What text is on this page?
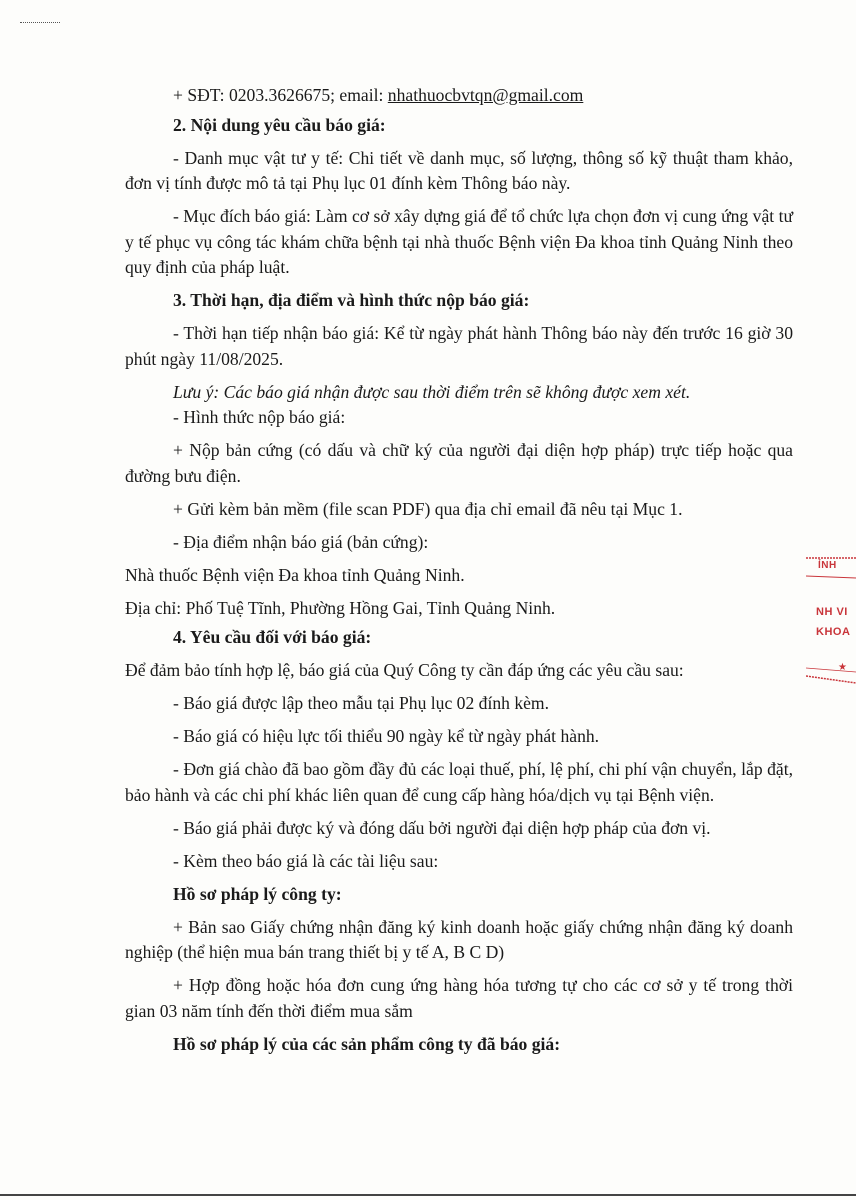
+ SĐT: 0203.3626675; email: nhathuocbvtqn@gmail.com

2. Nội dung yêu cầu báo giá:

- Danh mục vật tư y tế: Chi tiết về danh mục, số lượng, thông số kỹ thuật tham khảo, đơn vị tính được mô tả tại Phụ lục 01 đính kèm Thông báo này.

- Mục đích báo giá: Làm cơ sở xây dựng giá để tổ chức lựa chọn đơn vị cung ứng vật tư y tế phục vụ công tác khám chữa bệnh tại nhà thuốc Bệnh viện Đa khoa tỉnh Quảng Ninh theo quy định của pháp luật.

3. Thời hạn, địa điểm và hình thức nộp báo giá:

- Thời hạn tiếp nhận báo giá: Kể từ ngày phát hành Thông báo này đến trước 16 giờ 30 phút ngày 11/08/2025.

Lưu ý: Các báo giá nhận được sau thời điểm trên sẽ không được xem xét.

- Hình thức nộp báo giá:

+ Nộp bản cứng (có dấu và chữ ký của người đại diện hợp pháp) trực tiếp hoặc qua đường bưu điện.

+ Gửi kèm bản mềm (file scan PDF) qua địa chỉ email đã nêu tại Mục 1.

- Địa điểm nhận báo giá (bản cứng):

Nhà thuốc Bệnh viện Đa khoa tỉnh Quảng Ninh.

Địa chỉ: Phố Tuệ Tĩnh, Phường Hồng Gai, Tỉnh Quảng Ninh.

4. Yêu cầu đối với báo giá:

Để đảm bảo tính hợp lệ, báo giá của Quý Công ty cần đáp ứng các yêu cầu sau:

- Báo giá được lập theo mẫu tại Phụ lục 02 đính kèm.

- Báo giá có hiệu lực tối thiểu 90 ngày kể từ ngày phát hành.

- Đơn giá chào đã bao gồm đầy đủ các loại thuế, phí, lệ phí, chi phí vận chuyển, lắp đặt, bảo hành và các chi phí khác liên quan để cung cấp hàng hóa/dịch vụ tại Bệnh viện.

- Báo giá phải được ký và đóng dấu bởi người đại diện hợp pháp của đơn vị.

- Kèm theo báo giá là các tài liệu sau:

Hồ sơ pháp lý công ty:

+ Bản sao Giấy chứng nhận đăng ký kinh doanh hoặc giấy chứng nhận đăng ký doanh nghiệp (thể hiện mua bán trang thiết bị y tế A, B C D)

+ Hợp đồng hoặc hóa đơn cung ứng hàng hóa tương tự cho các cơ sở y tế trong thời gian 03 năm tính đến thời điểm mua sắm

Hồ sơ pháp lý của các sản phẩm công ty đã báo giá:

ỈNH
NH VI
KHOA
★
